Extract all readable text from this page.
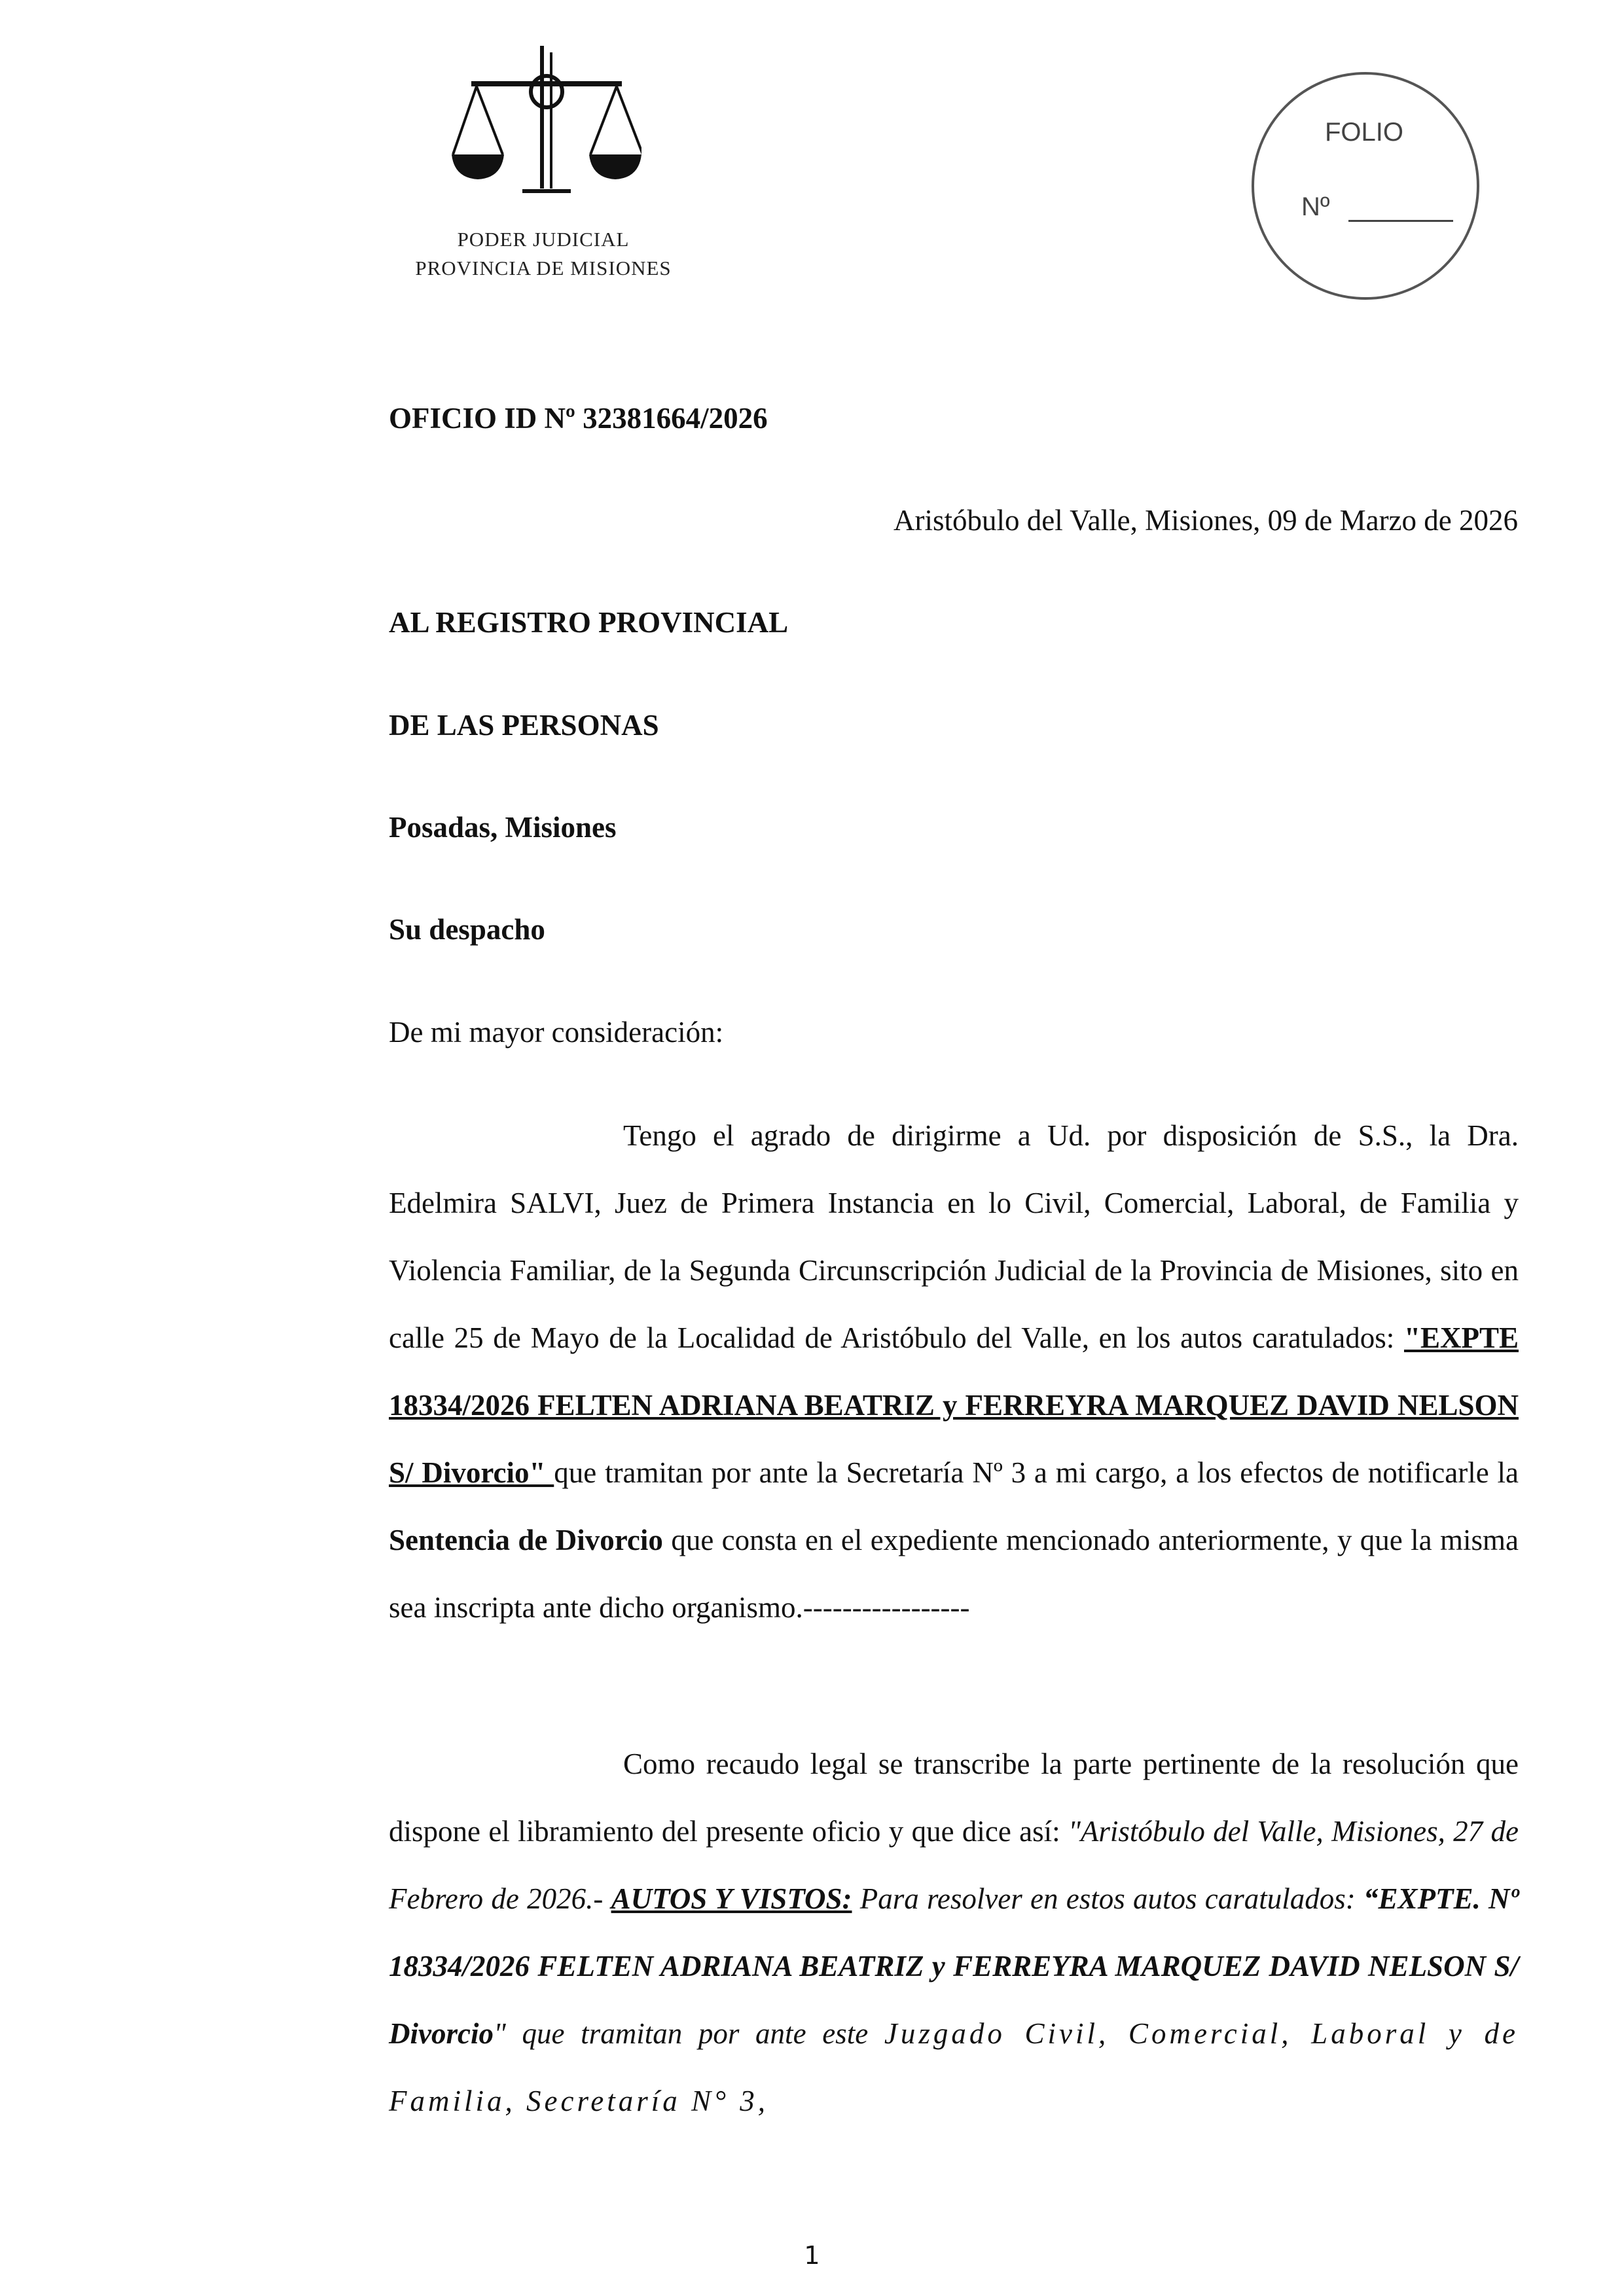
PODER JUDICIAL
PROVINCIA DE MISIONES
FOLIO
Nº
OFICIO ID Nº 32381664/2026
Aristóbulo del Valle, Misiones, 09 de Marzo de 2026
AL REGISTRO PROVINCIAL
DE LAS PERSONAS
Posadas, Misiones
Su despacho
De mi mayor consideración:
Tengo el agrado de dirigirme a Ud. por disposición de S.S., la Dra. Edelmira SALVI, Juez de Primera Instancia en lo Civil, Comercial, Laboral, de Familia y Violencia Familiar, de la Segunda Circunscripción Judicial de la Provincia de Misiones, sito en calle 25 de Mayo de la Localidad de Aristóbulo del Valle, en los autos caratulados: "EXPTE 18334/2026 FELTEN ADRIANA BEATRIZ y FERREYRA MARQUEZ DAVID NELSON S/ Divorcio" que tramitan por ante la Secretaría Nº 3 a mi cargo, a los efectos de notificarle la Sentencia de Divorcio que consta en el expediente mencionado anteriormente, y que la misma sea inscripta ante dicho organismo.-----------------
Como recaudo legal se transcribe la parte pertinente de la resolución que dispone el libramiento del presente oficio y que dice así: "Aristóbulo del Valle, Misiones, 27 de Febrero de 2026.- AUTOS Y VISTOS: Para resolver en estos autos caratulados: “EXPTE. Nº 18334/2026 FELTEN ADRIANA BEATRIZ y FERREYRA MARQUEZ DAVID NELSON S/ Divorcio" que tramitan por ante este Juzgado Civil, Comercial, Laboral y de Familia, Secretaría N° 3,
1
